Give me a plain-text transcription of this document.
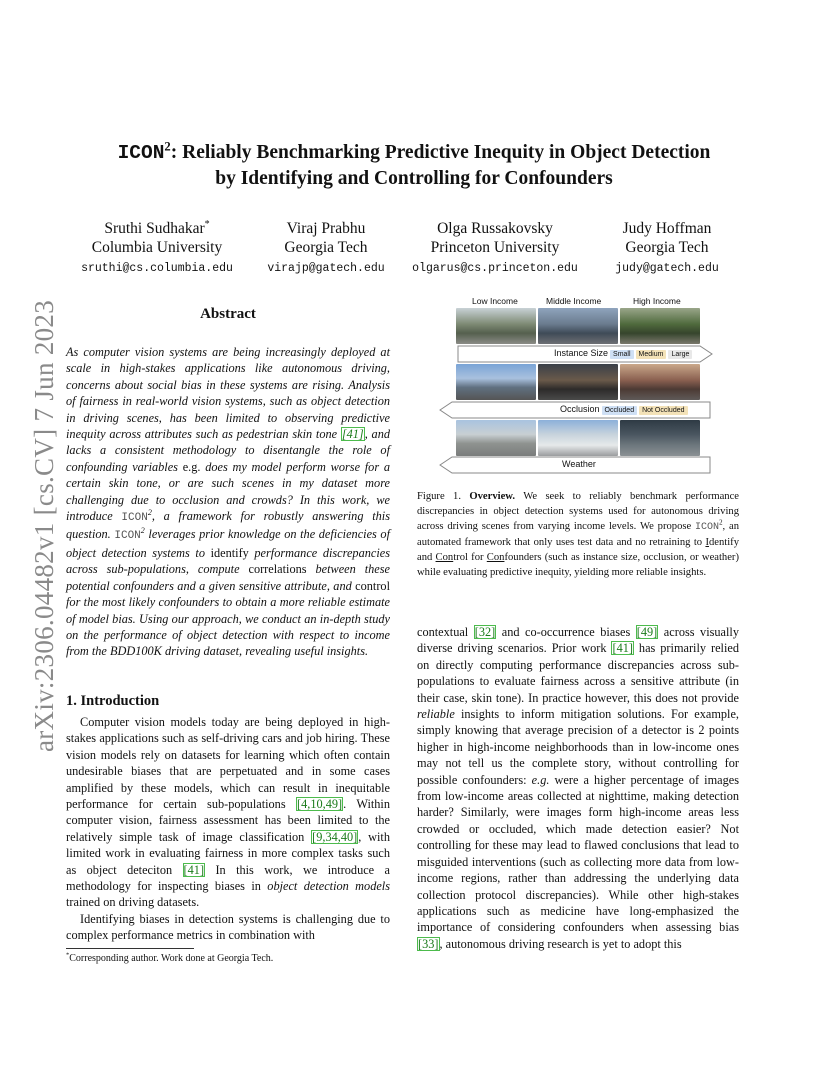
arXiv:2306.04482v1 [cs.CV] 7 Jun 2023
ICON$^2$: Reliably Benchmarking Predictive Inequity in Object Detection
by Identifying and Controlling for Confounders
Sruthi Sudhakar*
Columbia University
sruthi@cs.columbia.edu
Viraj Prabhu
Georgia Tech
virajp@gatech.edu
Olga Russakovsky
Princeton University
olgarus@cs.princeton.edu
Judy Hoffman
Georgia Tech
judy@gatech.edu
Abstract
As computer vision systems are being increasingly deployed at scale in high-stakes applications like autonomous driving, concerns about social bias in these systems are rising. Analysis of fairness in real-world vision systems, such as object detection in driving scenes, has been limited to observing predictive inequity across attributes such as pedestrian skin tone [41], and lacks a consistent methodology to disentangle the role of confounding variables e.g. does my model perform worse for a certain skin tone, or are such scenes in my dataset more challenging due to occlusion and crowds? In this work, we introduce ICON$^2$, a framework for robustly answering this question. ICON$^2$ leverages prior knowledge on the deficiencies of object detection systems to identify performance discrepancies across sub-populations, compute correlations between these potential confounders and a given sensitive attribute, and control for the most likely confounders to obtain a more reliable estimate of model bias. Using our approach, we conduct an in-depth study on the performance of object detection with respect to income from the BDD100K driving dataset, revealing useful insights.
1. Introduction

Computer vision models today are being deployed in high-stakes applications such as self-driving cars and job hiring. These vision models rely on datasets for learning which often contain undesirable biases that are perpetuated and in some cases amplified by these models, which can result in inequitable performance for certain sub-populations [4,10,49]. Within computer vision, fairness assessment has been limited to the relatively simple task of image classification [9,34,40], with limited work in evaluating fairness in more complex tasks such as object deteciton [41] In this work, we introduce a methodology for inspecting biases in object detection models trained on driving datasets.

Identifying biases in detection systems is challenging due to complex performance metrics in combination with

*Corresponding author. Work done at Georgia Tech.
Low Income	Middle Income	High Income
Instance Size Small Medium Large
Occlusion Occluded Not Occluded
Weather
Figure 1. Overview. We seek to reliably benchmark performance discrepancies in object detection systems used for autonomous driving across driving scenes from varying income levels. We propose ICON$^2$, an automated framework that only uses test data and no retraining to Identify and Control for Confounders (such as instance size, occlusion, or weather) while evaluating predictive inequity, yielding more reliable insights.
contextual [32] and co-occurrence biases [49] across visually diverse driving scenarios. Prior work [41] has primarily relied on directly computing performance discrepancies across sub-populations to evaluate fairness across a sensitive attribute (in their case, skin tone). In practice however, this does not provide reliable insights to inform mitigation solutions. For example, simply knowing that average precision of a detector is 2 points higher in high-income neighborhoods than in low-income ones may not tell us the complete story, without controlling for possible confounders: e.g. were a higher percentage of images from low-income areas collected at nighttime, making detection harder? Similarly, were images form high-income areas less crowded or occluded, which made detection easier? Not controlling for these may lead to flawed conclusions that lead to misguided interventions (such as collecting more data from low-income regions, rather than addressing the underlying data collection protocol discrepancies). While other high-stakes applications such as medicine have long-emphasized the importance of considering confounders when assessing bias [33], autonomous driving research is yet to adopt this
